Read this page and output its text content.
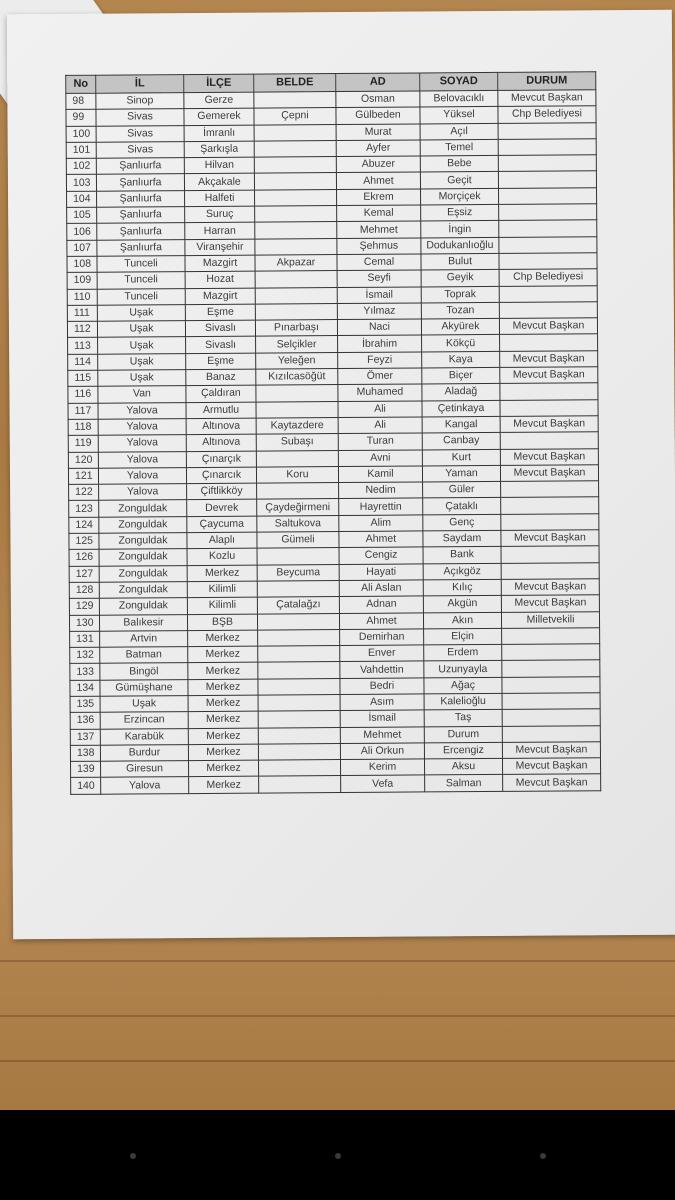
No	İL	İLÇE	BELDE	AD	SOYAD	DURUM
98	Sinop	Gerze		Osman	Belovacıklı	Mevcut Başkan
99	Sivas	Gemerek	Çepni	Gülbeden	Yüksel	Chp Belediyesi
100	Sivas	İmranlı		Murat	Açıl	
101	Sivas	Şarkışla		Ayfer	Temel	
102	Şanlıurfa	Hilvan		Abuzer	Bebe	
103	Şanlıurfa	Akçakale		Ahmet	Geçit	
104	Şanlıurfa	Halfeti		Ekrem	Morçiçek	
105	Şanlıurfa	Suruç		Kemal	Eşsiz	
106	Şanlıurfa	Harran		Mehmet	İngin	
107	Şanlıurfa	Viranşehir		Şehmus	Dodukanlıoğlu	
108	Tunceli	Mazgirt	Akpazar	Cemal	Bulut	
109	Tunceli	Hozat		Seyfi	Geyik	Chp Belediyesi
110	Tunceli	Mazgirt		İsmail	Toprak	
111	Uşak	Eşme		Yılmaz	Tozan	
112	Uşak	Sivaslı	Pınarbaşı	Naci	Akyürek	Mevcut Başkan
113	Uşak	Sivaslı	Selçikler	İbrahim	Kökçü	
114	Uşak	Eşme	Yeleğen	Feyzi	Kaya	Mevcut Başkan
115	Uşak	Banaz	Kızılcasöğüt	Ömer	Biçer	Mevcut Başkan
116	Van	Çaldıran		Muhamed	Aladağ	
117	Yalova	Armutlu		Ali	Çetinkaya	
118	Yalova	Altınova	Kaytazdere	Ali	Kangal	Mevcut Başkan
119	Yalova	Altınova	Subaşı	Turan	Canbay	
120	Yalova	Çınarçık		Avni	Kurt	Mevcut Başkan
121	Yalova	Çınarcık	Koru	Kamil	Yaman	Mevcut Başkan
122	Yalova	Çiftlikköy		Nedim	Güler	
123	Zonguldak	Devrek	Çaydeğirmeni	Hayrettin	Çataklı	
124	Zonguldak	Çaycuma	Saltukova	Alim	Genç	
125	Zonguldak	Alaplı	Gümeli	Ahmet	Saydam	Mevcut Başkan
126	Zonguldak	Kozlu		Cengiz	Bank	
127	Zonguldak	Merkez	Beycuma	Hayati	Açıkgöz	
128	Zonguldak	Kilimli		Ali Aslan	Kılıç	Mevcut Başkan
129	Zonguldak	Kilimli	Çatalağzı	Adnan	Akgün	Mevcut Başkan
130	Balıkesir	BŞB		Ahmet	Akın	Milletvekili
131	Artvin	Merkez		Demirhan	Elçin	
132	Batman	Merkez		Enver	Erdem	
133	Bingöl	Merkez		Vahdettin	Uzunyayla	
134	Gümüşhane	Merkez		Bedri	Ağaç	
135	Uşak	Merkez		Asım	Kalelioğlu	
136	Erzincan	Merkez		İsmail	Taş	
137	Karabük	Merkez		Mehmet	Durum	
138	Burdur	Merkez		Ali Orkun	Ercengiz	Mevcut Başkan
139	Giresun	Merkez		Kerim	Aksu	Mevcut Başkan
140	Yalova	Merkez		Vefa	Salman	Mevcut Başkan
